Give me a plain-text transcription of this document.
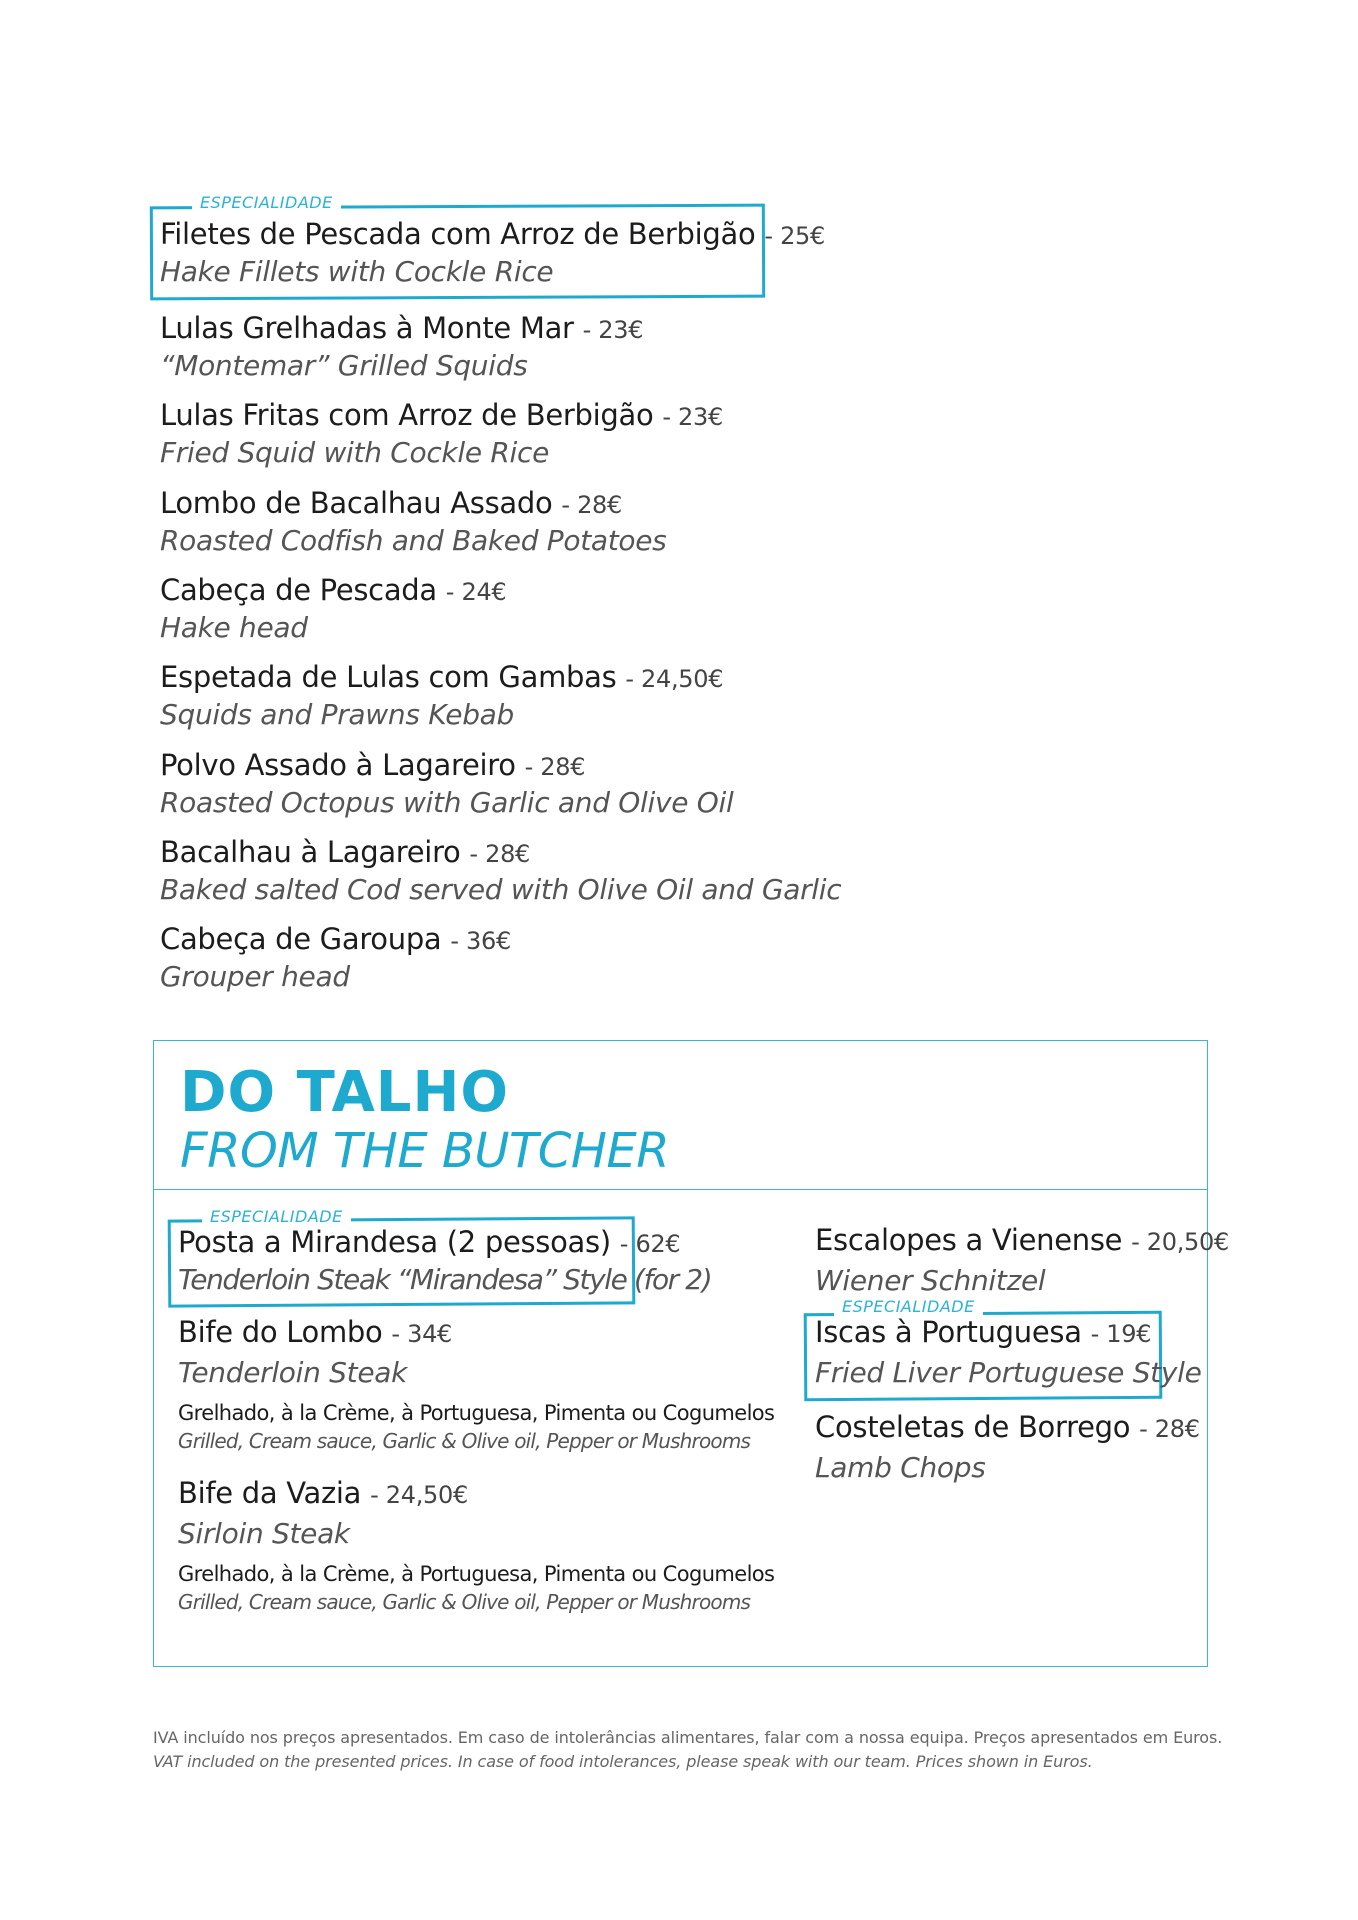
ESPECIALIDADE
Filetes de Pescada com Arroz de Berbigão - 25€
Hake Fillets with Cockle Rice
Lulas Grelhadas à Monte Mar - 23€
“Montemar” Grilled Squids
Lulas Fritas com Arroz de Berbigão - 23€
Fried Squid with Cockle Rice
Lombo de Bacalhau Assado - 28€
Roasted Codfish and Baked Potatoes
Cabeça de Pescada - 24€
Hake head
Espetada de Lulas com Gambas - 24,50€
Squids and Prawns Kebab
Polvo Assado à Lagareiro - 28€
Roasted Octopus with Garlic and Olive Oil
Bacalhau à Lagareiro - 28€
Baked salted Cod served with Olive Oil and Garlic
Cabeça de Garoupa - 36€
Grouper head
DO TALHO
FROM THE BUTCHER
ESPECIALIDADE
Posta a Mirandesa (2 pessoas) - 62€
Tenderloin Steak “Mirandesa” Style (for 2)
Bife do Lombo - 34€
Tenderloin Steak
Grelhado, à la Crème, à Portuguesa, Pimenta ou Cogumelos
Grilled, Cream sauce, Garlic & Olive oil, Pepper or Mushrooms
Bife da Vazia - 24,50€
Sirloin Steak
Grelhado, à la Crème, à Portuguesa, Pimenta ou Cogumelos
Grilled, Cream sauce, Garlic & Olive oil, Pepper or Mushrooms
Escalopes a Vienense - 20,50€
Wiener Schnitzel
ESPECIALIDADE
Iscas à Portuguesa - 19€
Fried Liver Portuguese Style
Costeletas de Borrego - 28€
Lamb Chops
IVA incluído nos preços apresentados. Em caso de intolerâncias alimentares, falar com a nossa equipa. Preços apresentados em Euros.
VAT included on the presented prices. In case of food intolerances, please speak with our team. Prices shown in Euros.
